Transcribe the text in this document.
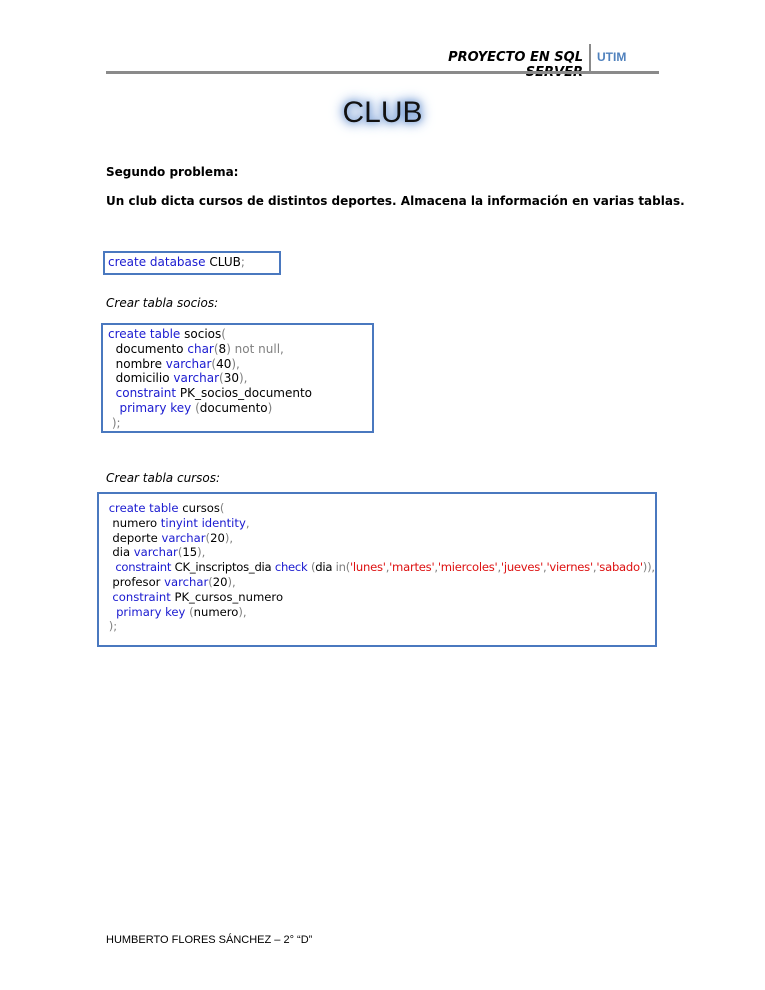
PROYECTO EN SQL UTIM
CLUB
Segundo problema:
Un club dicta cursos de distintos deportes. Almacena la información en varias tablas.
create database CLUB;
Crear tabla socios:
create table socios(
documento char(8) not null,
nombre varchar(40),
domicilio varchar(30),
constraint PK_socios_documento
primary key (documento)
);
Crear tabla cursos:
create table cursos(
numero tinyint identity,
deporte varchar(20),
dia varchar(15),
constraint CK_inscriptos_dia check (dia in('lunes','martes','miercoles','jueves','viernes','sabado')),
profesor varchar(20),
constraint PK_cursos_numero
primary key (numero),
);
HUMBERTO FLORES SÁNCHEZ – 2° “D”
